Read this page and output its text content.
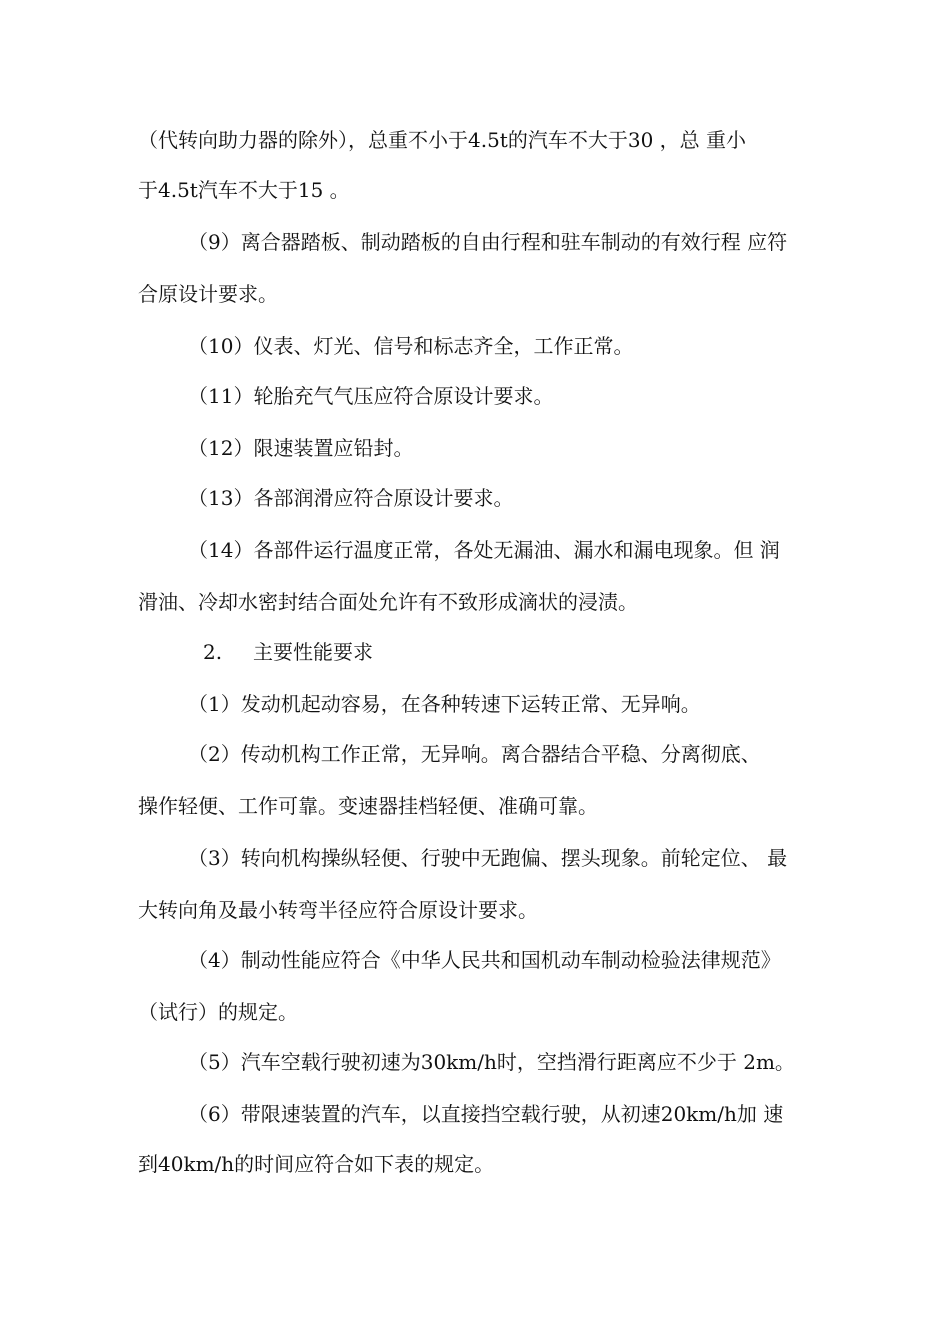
（代转向助力器的除外），总重不小于4.5t的汽车不大于30 ，总 重小
于4.5t汽车不大于15 。
（9）离合器踏板、制动踏板的自由行程和驻车制动的有效行程 应符
合原设计要求。
（10）仪表、灯光、信号和标志齐全，工作正常。
（11）轮胎充气气压应符合原设计要求。
（12）限速装置应铅封。
（13）各部润滑应符合原设计要求。
（14）各部件运行温度正常，各处无漏油、漏水和漏电现象。但 润
滑油、冷却水密封结合面处允许有不致形成滴状的浸渍。
2. 主要性能要求
（1）发动机起动容易，在各种转速下运转正常、无异响。
（2）传动机构工作正常，无异响。离合器结合平稳、分离彻底、
操作轻便、工作可靠。变速器挂档轻便、准确可靠。
（3）转向机构操纵轻便、行驶中无跑偏、摆头现象。前轮定位、 最
大转向角及最小转弯半径应符合原设计要求。
（4）制动性能应符合《中华人民共和国机动车制动检验法律规范》
（试行）的规定。
（5）汽车空载行驶初速为30km/h时，空挡滑行距离应不少于 2m。
（6）带限速装置的汽车，以直接挡空载行驶，从初速20km/h加 速
到40km/h的时间应符合如下表的规定。
